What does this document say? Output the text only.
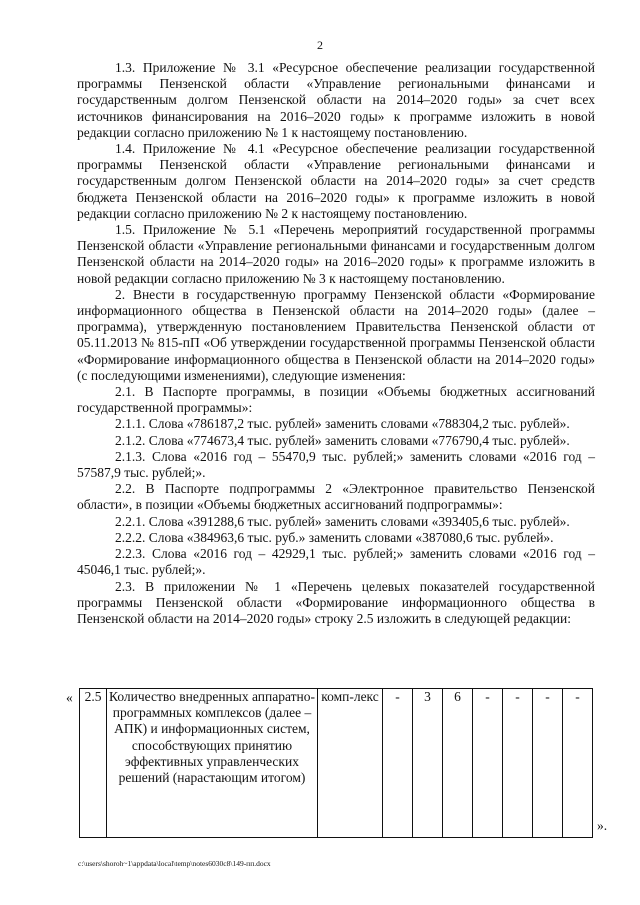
2

1.3. Приложение № 3.1 «Ресурсное обеспечение реализации государственной программы Пензенской области «Управление региональными финансами и государственным долгом Пензенской области на 2014–2020 годы» за счет всех источников финансирования на 2016–2020 годы» к программе изложить в новой редакции согласно приложению № 1 к настоящему постановлению.

1.4. Приложение № 4.1 «Ресурсное обеспечение реализации государственной программы Пензенской области «Управление региональными финансами и государственным долгом Пензенской области на 2014–2020 годы» за счет средств бюджета Пензенской области на 2016–2020 годы» к программе изложить в новой редакции согласно приложению № 2 к настоящему постановлению.

1.5. Приложение № 5.1 «Перечень мероприятий государственной программы Пензенской области «Управление региональными финансами и государственным долгом Пензенской области на 2014–2020 годы» на 2016–2020 годы» к программе изложить в новой редакции согласно приложению № 3 к настоящему постановлению.

2. Внести в государственную программу Пензенской области «Формирование информационного общества в Пензенской области на 2014–2020 годы» (далее – программа), утвержденную постановлением Правительства Пензенской области от 05.11.2013 № 815-пП «Об утверждении государственной программы Пензенской области «Формирование информационного общества в Пензенской области на 2014–2020 годы» (с последующими изменениями), следующие изменения:

2.1. В Паспорте программы, в позиции «Объемы бюджетных ассигнований государственной программы»:

2.1.1. Слова «786187,2 тыс. рублей» заменить словами «788304,2 тыс. рублей».

2.1.2. Слова «774673,4 тыс. рублей» заменить словами «776790,4 тыс. рублей».

2.1.3. Слова «2016 год – 55470,9 тыс. рублей;» заменить словами «2016 год – 57587,9 тыс. рублей;».

2.2. В Паспорте подпрограммы 2 «Электронное правительство Пензенской области», в позиции «Объемы бюджетных ассигнований подпрограммы»:

2.2.1. Слова «391288,6 тыс. рублей» заменить словами «393405,6 тыс. рублей».

2.2.2. Слова «384963,6 тыс. руб.» заменить словами «387080,6 тыс. рублей».

2.2.3. Слова «2016 год – 42929,1 тыс. рублей;» заменить словами «2016 год – 45046,1 тыс. рублей;».

2.3. В приложении № 1 «Перечень целевых показателей государственной программы Пензенской области «Формирование информационного общества в Пензенской области на 2014–2020 годы» строку 2.5 изложить в следующей редакции:

« 2.5	Количество внедренных аппаратно-программных комплексов (далее – АПК) и информационных систем, способствующих принятию эффективных управленческих решений (нарастающим итогом)	комп-лекс	-	3	6	-	-	-	-
».
c:\users\shoroh~1\appdata\local\temp\notes6030c8\149-пп.docx
